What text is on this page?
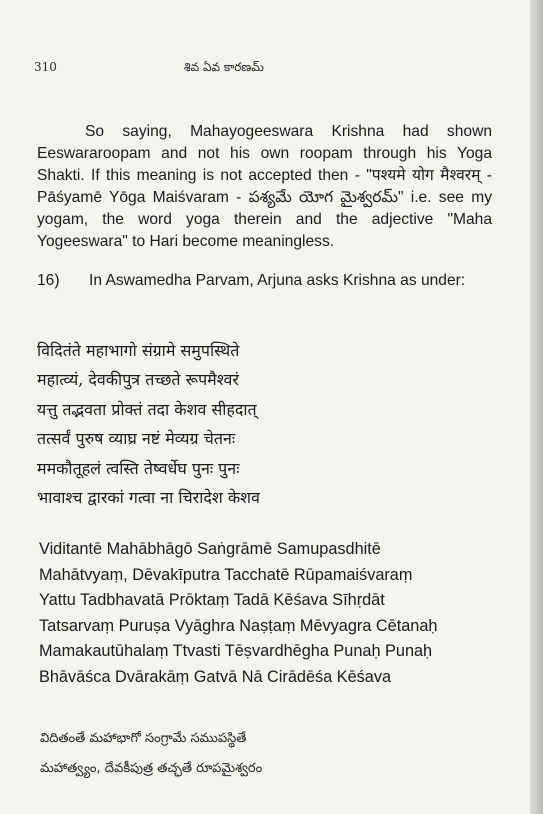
310	శివ ఏవ కారణమ్
So saying, Mahayogeeswara Krishna had shown Eeswararoopam and not his own roopam through his Yoga Shakti. If this meaning is not accepted then - "पश्यमे योग मैश्वरम् - Pāśyamē Yōga Maiśvaram - పశ్యమే యోగ మైశ్వరమ్" i.e. see my yogam, the word yoga therein and the adjective "Maha Yogeeswara" to Hari become meaningless.
16) In Aswamedha Parvam, Arjuna asks Krishna as under:
विदितंते महाभागो संग्रामे समुपस्थिते
महात्व्यं, देवकीपुत्र तच्छते रूपमैश्वरं
यत्तु तद्भवता प्रोक्तं तदा केशव सीहदात्
तत्सर्वं पुरुष व्याघ्र नष्टं मेव्यग्र चेतनः
ममकौतूहलं त्वस्ति तेष्वर्धेघ पुनः पुनः
भावाश्च द्वारकां गत्वा ना चिरादेश केशव
Viditantē Mahābhāgō Saṅgrāmē Samupasdhitē
Mahātvyaṃ, Dēvakīputra Tacchatē Rūpamaiśvaraṃ
Yattu Tadbhavatā Prōktaṃ Tadā Kēśava Sīhṛdāt
Tatsarvaṃ Puruṣa Vyāghra Naṣṭaṃ Mēvyagra Cētanaḥ
Mamakautūhalaṃ Ttvasti Tēṣvardhēgha Punaḥ Punaḥ
Bhāvāśca Dvārakāṃ Gatvā Nā Cirādēśa Kēśava
విదితంతే మహాభాగో సంగ్రామే సముపస్థితే
మహాత్వ్యం, దేవకీపుత్ర తచ్ఛతే రూపమైశ్వరం
